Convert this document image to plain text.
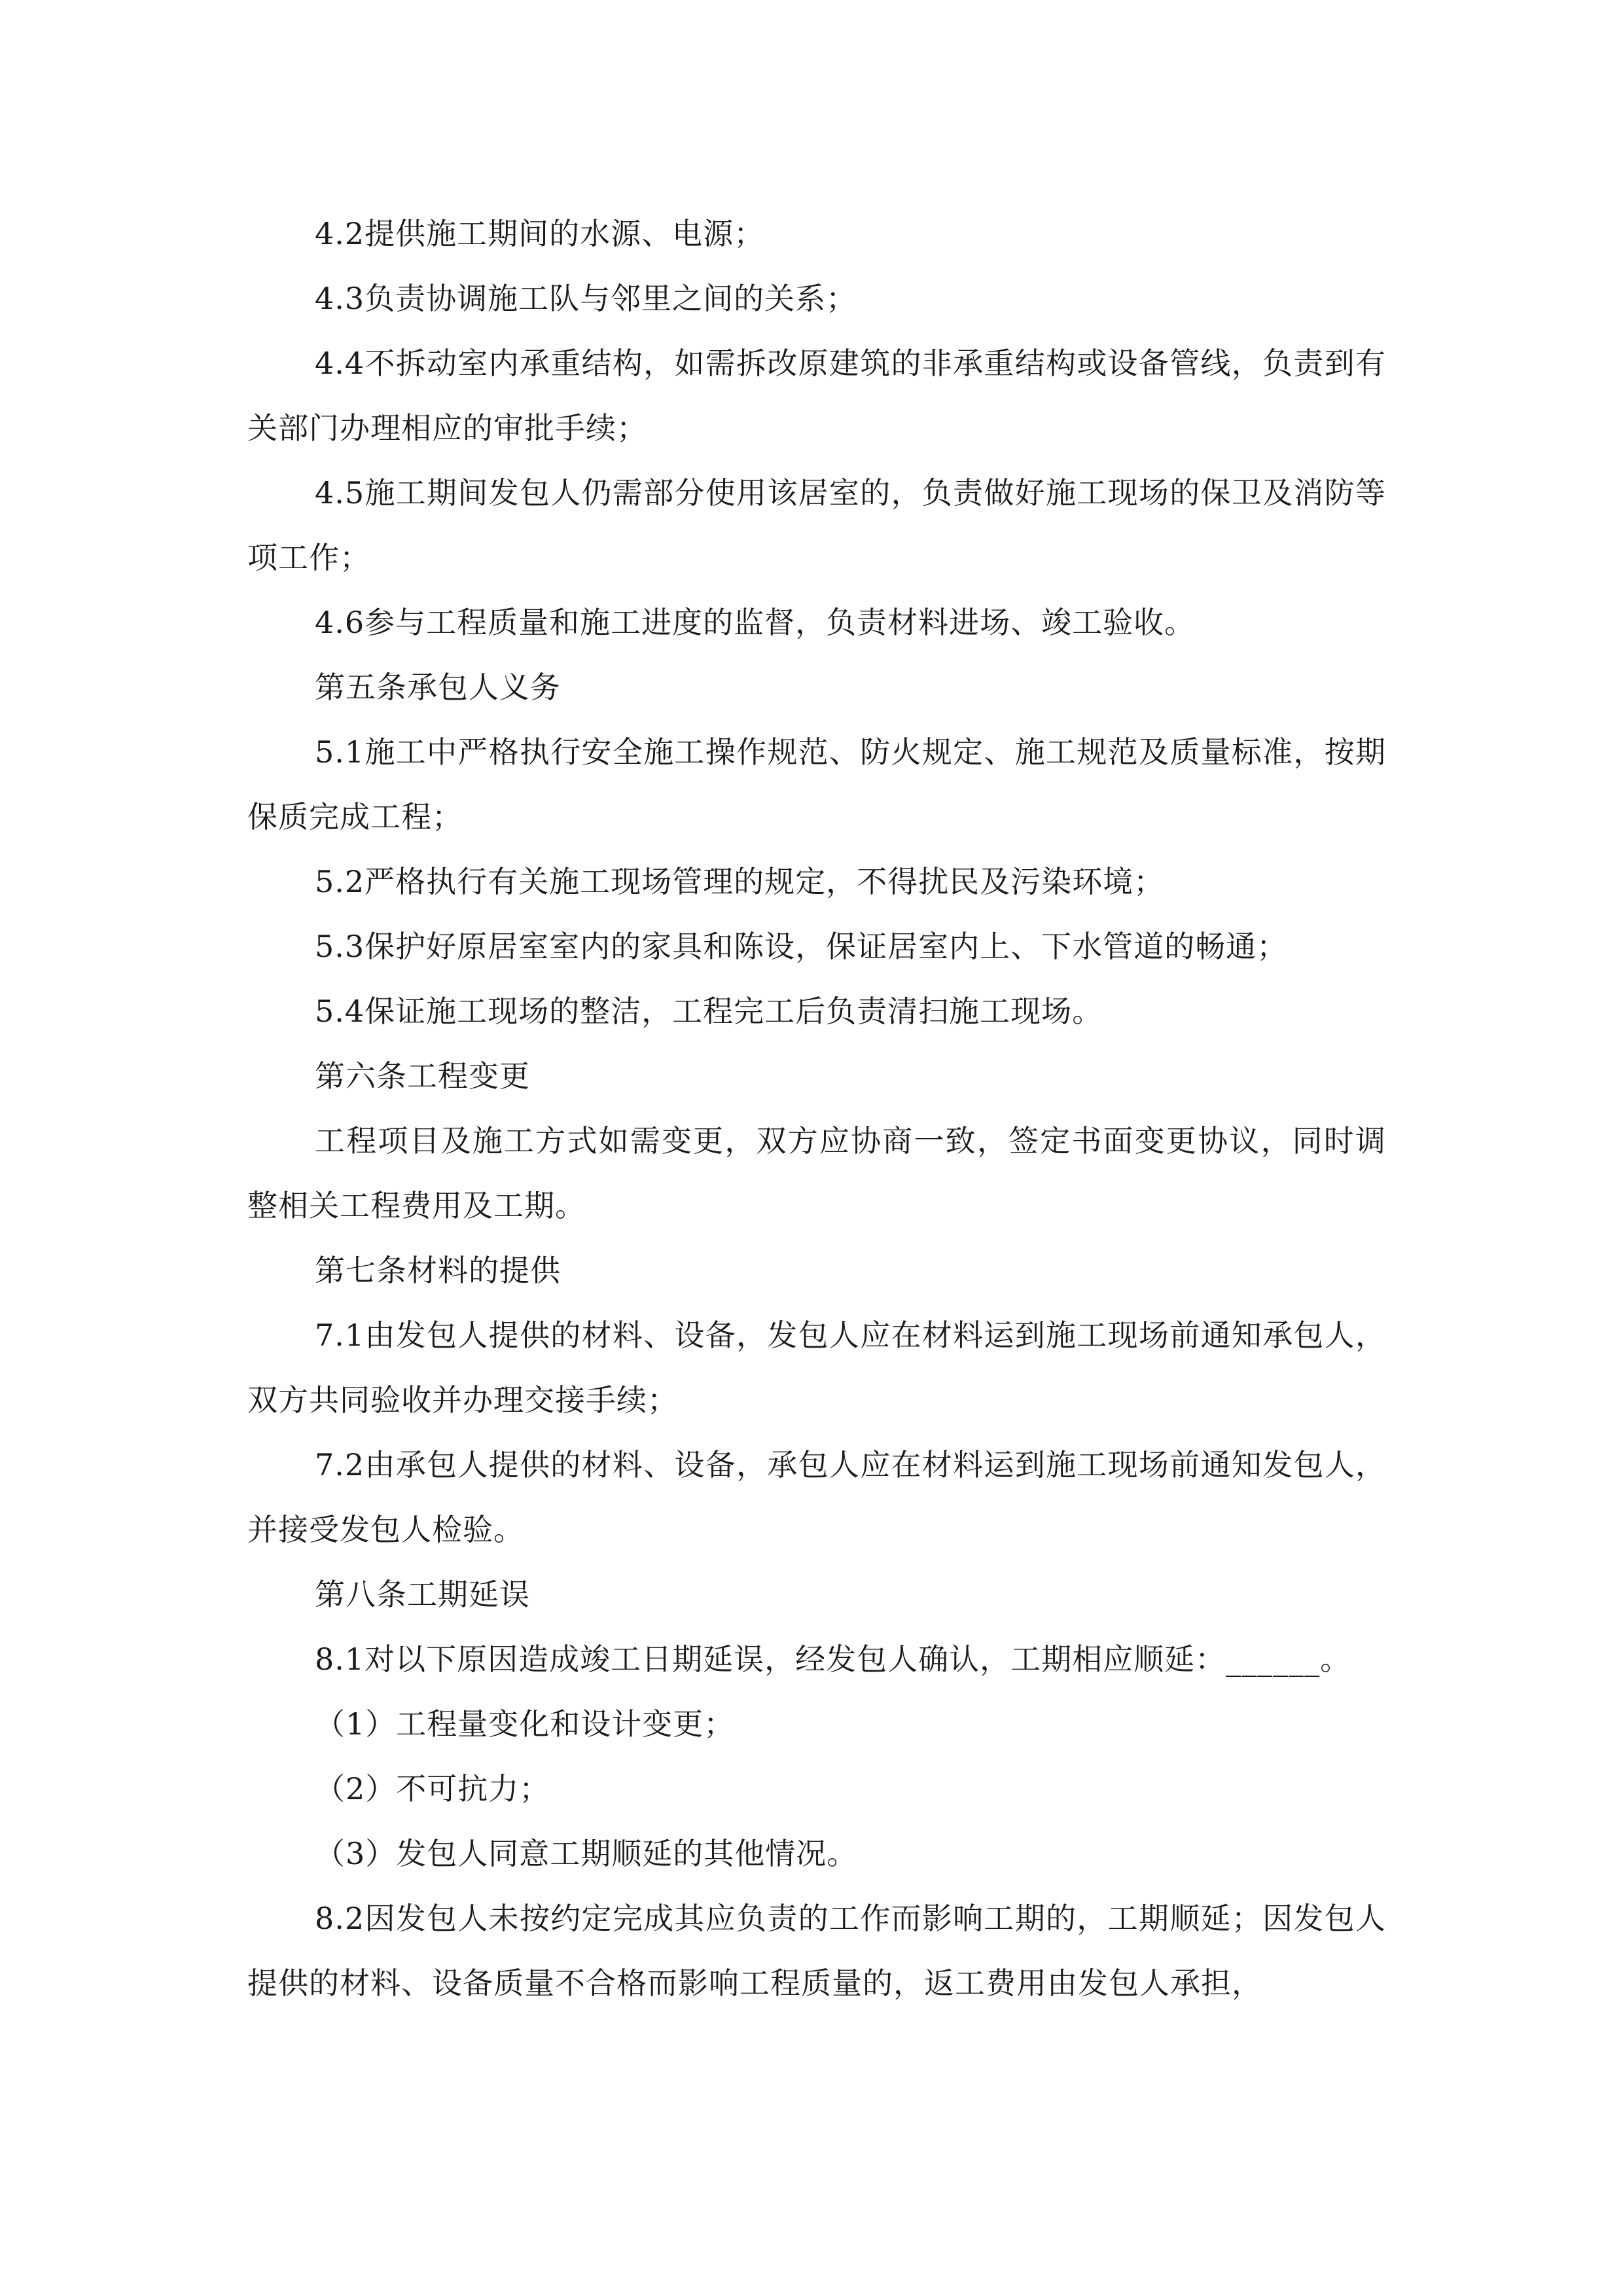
4.2提供施工期间的水源、电源；

4.3负责协调施工队与邻里之间的关系；

4.4不拆动室内承重结构，如需拆改原建筑的非承重结构或设备管线，负责到有关部门办理相应的审批手续；

4.5施工期间发包人仍需部分使用该居室的，负责做好施工现场的保卫及消防等项工作；

4.6参与工程质量和施工进度的监督，负责材料进场、竣工验收。

第五条承包人义务

5.1施工中严格执行安全施工操作规范、防火规定、施工规范及质量标准，按期保质完成工程；

5.2严格执行有关施工现场管理的规定，不得扰民及污染环境；

5.3保护好原居室室内的家具和陈设，保证居室内上、下水管道的畅通；

5.4保证施工现场的整洁，工程完工后负责清扫施工现场。

第六条工程变更

工程项目及施工方式如需变更，双方应协商一致，签定书面变更协议，同时调整相关工程费用及工期。

第七条材料的提供

7.1由发包人提供的材料、设备，发包人应在材料运到施工现场前通知承包人，双方共同验收并办理交接手续；

7.2由承包人提供的材料、设备，承包人应在材料运到施工现场前通知发包人，并接受发包人检验。

第八条工期延误

8.1对以下原因造成竣工日期延误，经发包人确认，工期相应顺延：______。

（1）工程量变化和设计变更；

（2）不可抗力；

（3）发包人同意工期顺延的其他情况。

8.2因发包人未按约定完成其应负责的工作而影响工期的，工期顺延；因发包人提供的材料、设备质量不合格而影响工程质量的，返工费用由发包人承担，
